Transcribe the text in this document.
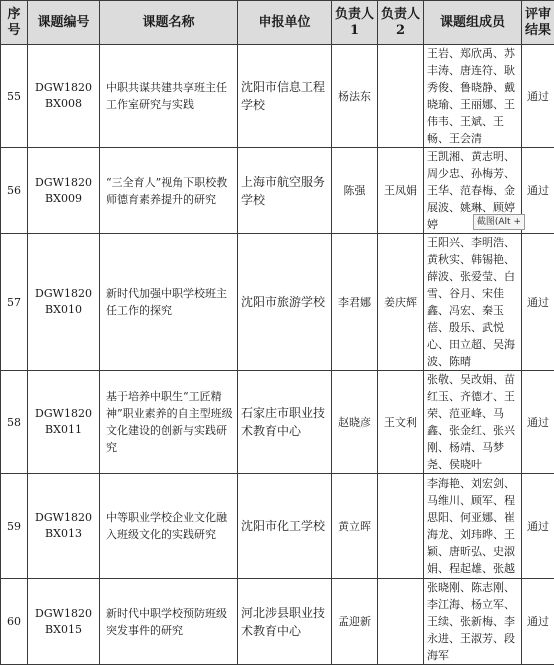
序号	课题编号	课题名称	申报单位	负责人 1	负责人 2	课题组成员	评审结果
55	DGW1820 BX008	中职共谋共建共享班主任工作室研究与实践	沈阳市信息工程学校	杨法东		王岩、郑欣禹、苏丰涛、唐连符、耿秀俊、鲁晓静、戴晓瑜、王丽娜、王伟韦、王斌、王畅、王会清	通过
56	DGW1820 BX009	“三全育人”视角下职校教师德育素养提升的研究	上海市航空服务学校	陈强	王凤娟	王凯湘、黄志明、周少忠、孙梅芳、王华、范春梅、金展波、姚琳、顾婷婷 截图(Alt +	通过
57	DGW1820 BX010	新时代加强中职学校班主任工作的探究	沈阳市旅游学校	李君娜	姜庆辉	王阳兴、李明浩、黄秋实、韩锡艳、薛波、张爱莹、白雪、谷月、宋佳鑫、冯宏、秦玉蓓、殷乐、武悦心、田立超、吴海波、陈晴	通过
58	DGW1820 BX011	基于培养中职生“工匠精神”职业素养的自主型班级文化建设的创新与实践研究	石家庄市职业技术教育中心	赵晓彦	王文利	张敬、吴改娟、苗红玉、齐德才、王荣、范亚峰、马鑫、张金红、张兴刚、杨靖、马梦尧、侯晓叶	通过
59	DGW1820 BX013	中等职业学校企业文化融入班级文化的实践研究	沈阳市化工学校	黄立晖		李海艳、刘宏剑、马维川、顾军、程思阳、何亚娜、崔海龙、刘玮晔、王颖、唐昕弘、史淑娟、程起雄、张越	通过
60	DGW1820 BX015	新时代中职学校预防班级突发事件的研究	河北涉县职业技术教育中心	孟迎新		张晓刚、陈志刚、李江海、杨立军、王续、张新梅、李永进、王淑芳、段海军	通过
